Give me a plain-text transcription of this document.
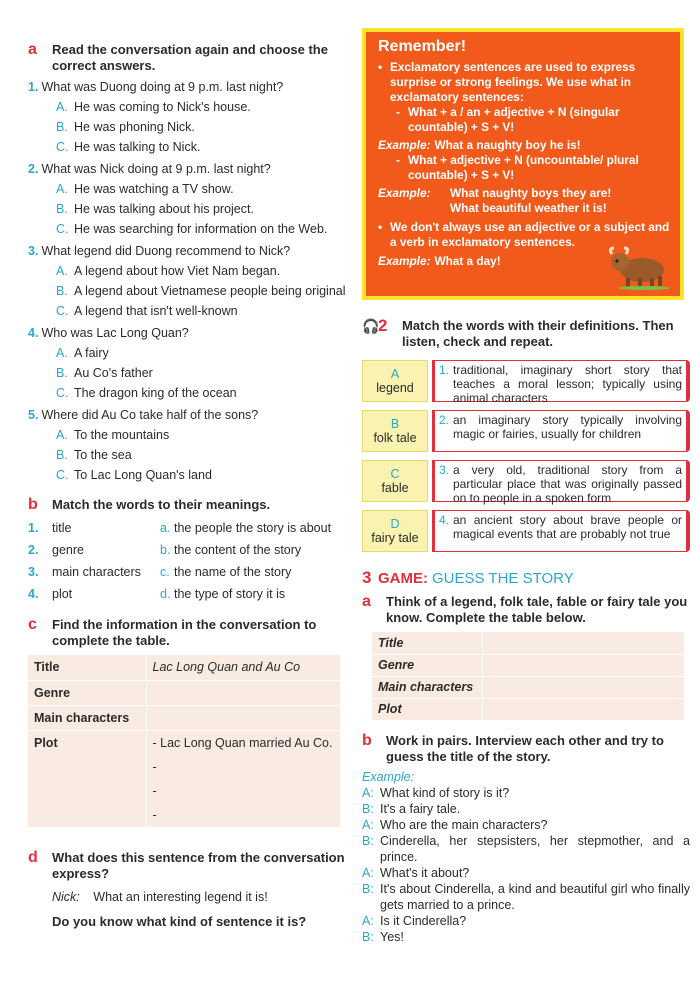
a	Read the conversation again and choose the correct answers.
1. What was Duong doing at 9 p.m. last night?
A. He was coming to Nick's house.
B. He was phoning Nick.
C. He was talking to Nick.
2. What was Nick doing at 9 p.m. last night?
A. He was watching a TV show.
B. He was talking about his project.
C. He was searching for information on the Web.
3. What legend did Duong recommend to Nick?
A. A legend about how Viet Nam began.
B. A legend about Vietnamese people being original
C. A legend that isn't well-known
4. Who was Lac Long Quan?
A. A fairy
B. Au Co's father
C. The dragon king of the ocean
5. Where did Au Co take half of the sons?
A. To the mountains
B. To the sea
C. To Lac Long Quan's land
b	Match the words to their meanings.
1.	title	a. the people the story is about
2.	genre	b. the content of the story
3.	main characters	c. the name of the story
4.	plot	d. the type of story it is
c	Find the information in the conversation to complete the table.
Title	Lac Long Quan and Au Co
Genre	
Main characters	
Plot	- Lac Long Quan married Au Co.
-
-
-
d	What does this sentence from the conversation express?
Nick: What an interesting legend it is!
Do you know what kind of sentence it is?
Remember!
• Exclamatory sentences are used to express surprise or strong feelings. We use what in exclamatory sentences:
- What + a / an + adjective + N (singular countable) + S + V!
Example: What a naughty boy he is!
- What + adjective + N (uncountable/ plural countable) + S + V!
Example:	What naughty boys they are!
What beautiful weather it is!
• We don't always use an adjective or a subject and a verb in exclamatory sentences.
Example: What a day!
🎧
2	Match the words with their definitions. Then listen, check and repeat.
A
legend
1. traditional, imaginary short story that teaches a moral lesson; typically using animal characters
B
folk tale
2. an imaginary story typically involving magic or fairies, usually for children
C
fable
3. a very old, traditional story from a particular place that was originally passed on to people in a spoken form
D
fairy tale
4. an ancient story about brave people or magical events that are probably not true
3 GAME: GUESS THE STORY
a	Think of a legend, folk tale, fable or fairy tale you know. Complete the table below.
Title	
Genre	
Main characters	
Plot	
b	Work in pairs. Interview each other and try to guess the title of the story.
Example:
A: What kind of story is it?
B: It's a fairy tale.
A: Who are the main characters?
B: Cinderella, her stepsisters, her stepmother, and a prince.
A: What's it about?
B: It's about Cinderella, a kind and beautiful girl who finally gets married to a prince.
A: Is it Cinderella?
B: Yes!
